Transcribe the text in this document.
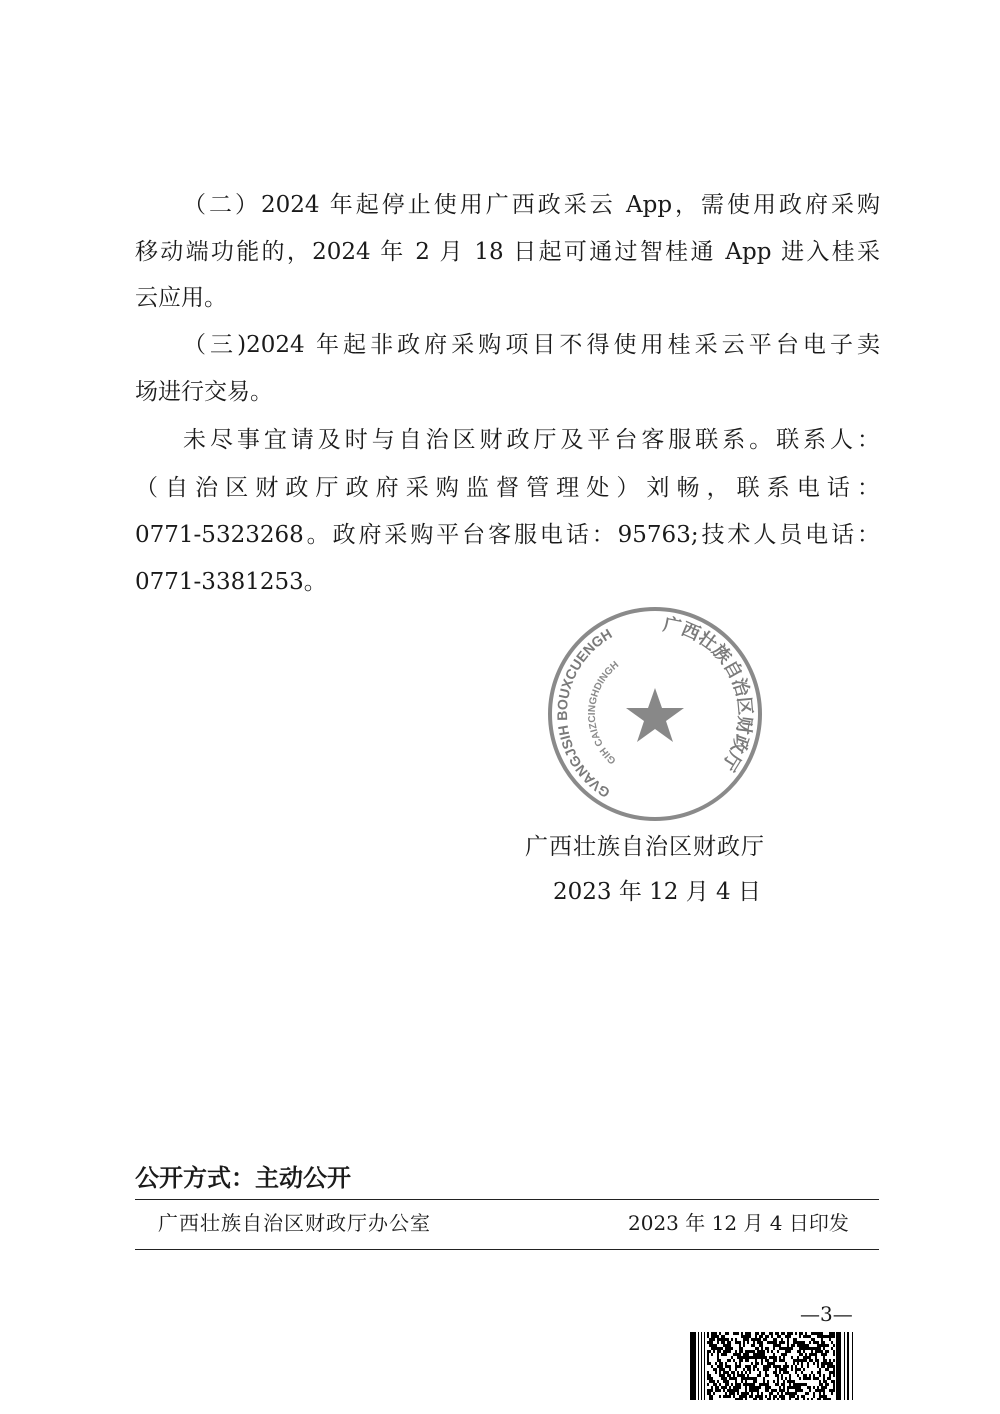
（二）2024 年起停止使用广西政采云 App，需使用政府采购
移动端功能的，2024 年 2 月 18 日起可通过智桂通 App 进入桂采
云应用。
（三)2024 年起非政府采购项目不得使用桂采云平台电子卖
场进行交易。
未尽事宜请及时与自治区财政厅及平台客服联系。联系人：
（自治区财政厅政府采购监督管理处）刘畅，联系电话：
0771-5323268。政府采购平台客服电话：95763;技术人员电话：
0771-3381253。
GVANGJSIH BOUXCUENGH
GIH CAIZCINGHDINGH
广西壮族自治区财政厅
广西壮族自治区财政厅
2023 年 12 月 4 日
公开方式：主动公开
广西壮族自治区财政厅办公室	2023 年 12 月 4 日印发
—3—
